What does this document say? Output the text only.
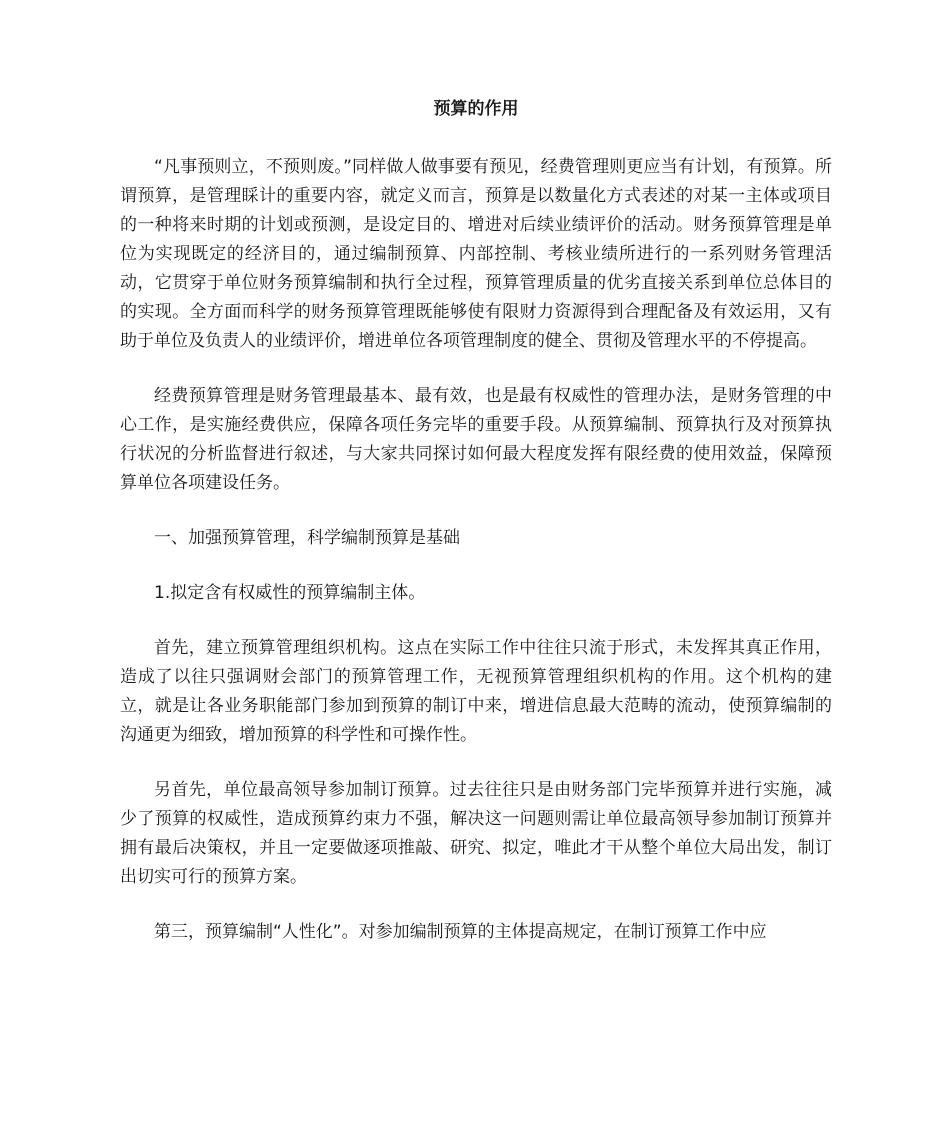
预算的作用

“凡事预则立，不预则废。”同样做人做事要有预见，经费管理则更应当有计划，有预算。所谓预算，是管理睬计的重要内容，就定义而言，预算是以数量化方式表述的对某一主体或项目的一种将来时期的计划或预测，是设定目的、增进对后续业绩评价的活动。财务预算管理是单位为实现既定的经济目的，通过编制预算、内部控制、考核业绩所进行的一系列财务管理活动，它贯穿于单位财务预算编制和执行全过程，预算管理质量的优劣直接关系到单位总体目的的实现。全方面而科学的财务预算管理既能够使有限财力资源得到合理配备及有效运用，又有助于单位及负责人的业绩评价，增进单位各项管理制度的健全、贯彻及管理水平的不停提高。

经费预算管理是财务管理最基本、最有效，也是最有权威性的管理办法，是财务管理的中心工作，是实施经费供应，保障各项任务完毕的重要手段。从预算编制、预算执行及对预算执行状况的分析监督进行叙述，与大家共同探讨如何最大程度发挥有限经费的使用效益，保障预算单位各项建设任务。

一、加强预算管理，科学编制预算是基础

1.拟定含有权威性的预算编制主体。

首先，建立预算管理组织机构。这点在实际工作中往往只流于形式，未发挥其真正作用，造成了以往只强调财会部门的预算管理工作，无视预算管理组织机构的作用。这个机构的建立，就是让各业务职能部门参加到预算的制订中来，增进信息最大范畴的流动，使预算编制的沟通更为细致，增加预算的科学性和可操作性。

另首先，单位最高领导参加制订预算。过去往往只是由财务部门完毕预算并进行实施，减少了预算的权威性，造成预算约束力不强，解决这一问题则需让单位最高领导参加制订预算并拥有最后决策权，并且一定要做逐项推敲、研究、拟定，唯此才干从整个单位大局出发，制订出切实可行的预算方案。

第三，预算编制“人性化”。对参加编制预算的主体提高规定，在制订预算工作中应
